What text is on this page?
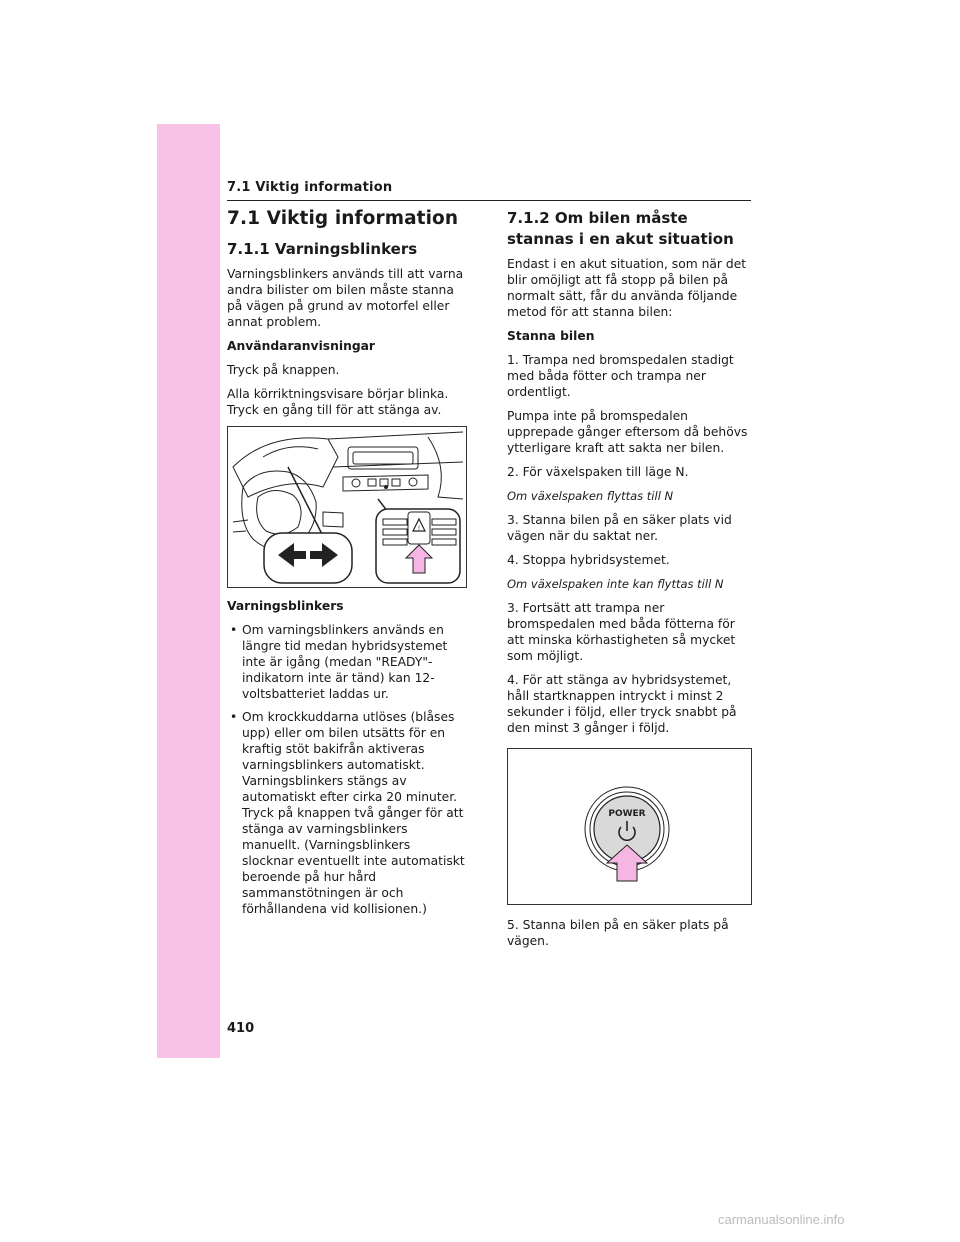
7.1 Viktig information
7.1 Viktig information
7.1.1 Varningsblinkers

Varningsblinkers används till att varna andra bilister om bilen måste stanna på vägen på grund av motorfel eller annat problem.

Användaranvisningar

Tryck på knappen.

Alla körriktningsvisare börjar blinka. Tryck en gång till för att stänga av.

!

Varningsblinkers

• Om varningsblinkers används en längre tid medan hybridsystemet inte är igång (medan "READY"-indikatorn inte är tänd) kan 12-voltsbatteriet laddas ur.
• Om krockkuddarna utlöses (blåses upp) eller om bilen utsätts för en kraftig stöt bakifrån aktiveras varningsblinkers automatiskt. Varningsblinkers stängs av automatiskt efter cirka 20 minuter. Tryck på knappen två gånger för att stänga av varningsblinkers manuellt. (Varningsblinkers slocknar eventuellt inte automatiskt beroende på hur hård sammanstötningen är och förhållandena vid kollisionen.)
7.1.2 Om bilen måste stannas i en akut situation

Endast i en akut situation, som när det blir omöjligt att få stopp på bilen på normalt sätt, får du använda följande metod för att stanna bilen:

Stanna bilen

1. Trampa ned bromspedalen stadigt med båda fötter och trampa ner ordentligt.

Pumpa inte på bromspedalen upprepade gånger eftersom då behövs ytterligare kraft att sakta ner bilen.

2. För växelspaken till läge N.

Om växelspaken flyttas till N

3. Stanna bilen på en säker plats vid vägen när du saktat ner.

4. Stoppa hybridsystemet.

Om växelspaken inte kan flyttas till N

3. Fortsätt att trampa ner bromspedalen med båda fötterna för att minska körhastigheten så mycket som möjligt.

4. För att stänga av hybridsystemet, håll startknappen intryckt i minst 2 sekunder i följd, eller tryck snabbt på den minst 3 gånger i följd.

POWER

5. Stanna bilen på en säker plats på vägen.

410
carmanualsonline.info
